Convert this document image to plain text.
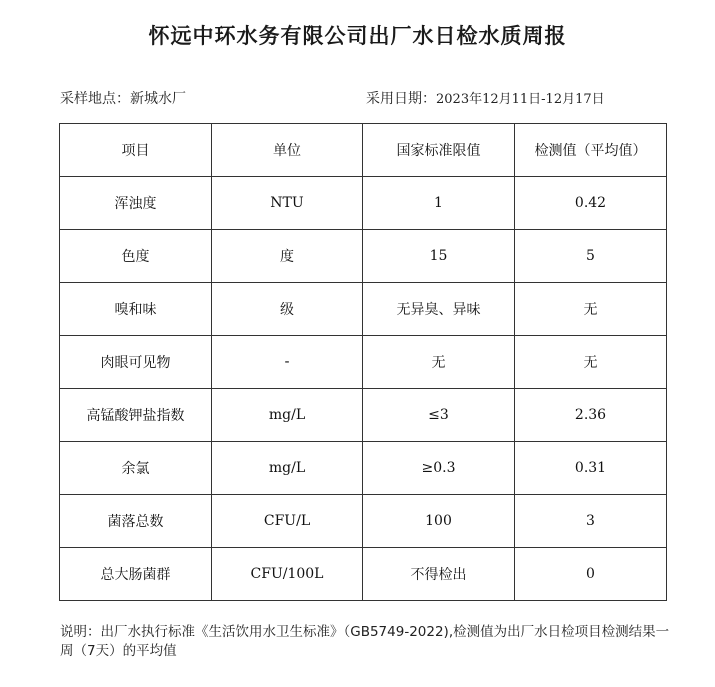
怀远中环水务有限公司出厂水日检水质周报
采样地点：新城水厂	采用日期：2023年12月11日-12月17日
项目	单位	国家标准限值	检测值（平均值）
浑浊度	NTU	1	0.42
色度	度	15	5
嗅和味	级	无异臭、异味	无
肉眼可见物	-	无	无
高锰酸钾盐指数	mg/L	≤3	2.36
余氯	mg/L	≥0.3	0.31
菌落总数	CFU/L	100	3
总大肠菌群	CFU/100L	不得检出	0
说明：出厂水执行标准《生活饮用水卫生标准》（GB5749-2022),检测值为出厂水日检项目检测结果一周（7天）的平均值
